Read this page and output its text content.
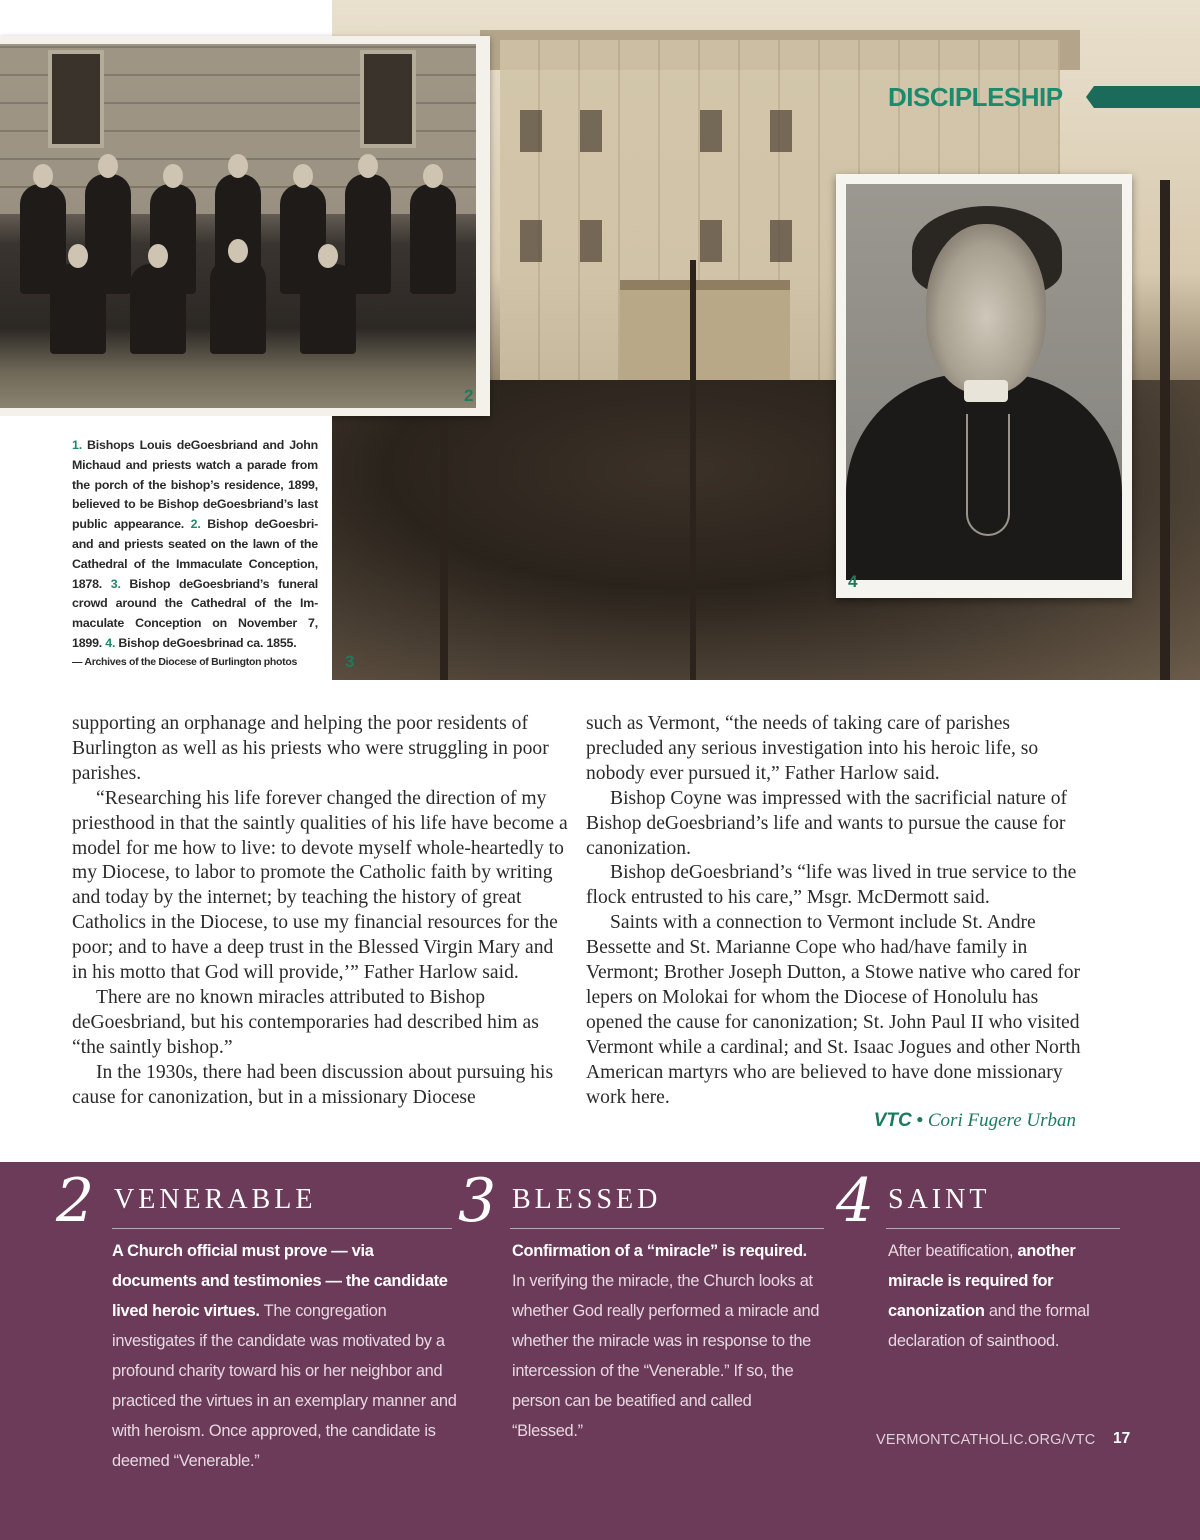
3
2
4
DISCIPLESHIP
1. Bishops Louis deGoesbriand and John Michaud and priests watch a parade from the porch of the bishop’s residence, 1899, believed to be Bishop deGoesbriand’s last public appearance. 2. Bishop deGoesbri-and and priests seated on the lawn of the Cathedral of the Immaculate Conception, 1878. 3. Bishop deGoesbriand’s funeral crowd around the Cathedral of the Im-maculate Conception on November 7, 1899. 4. Bishop deGoesbrinad ca. 1855.
— Archives of the Diocese of Burlington photos

supporting an orphanage and helping the poor residents of Burlington as well as his priests who were struggling in poor parishes.

“Researching his life forever changed the direction of my priesthood in that the saintly qualities of his life have become a model for me how to live: to devote myself whole-heartedly to my Diocese, to labor to promote the Catholic faith by writing and today by the internet; by teaching the history of great Catholics in the Diocese, to use my financial resources for the poor; and to have a deep trust in the Blessed Virgin Mary and in his motto that God will provide,’” Father Harlow said.

There are no known miracles attributed to Bishop deGoesbriand, but his contemporaries had described him as “the saintly bishop.”

In the 1930s, there had been discussion about pursuing his cause for canonization, but in a missionary Diocese

such as Vermont, “the needs of taking care of parishes precluded any serious investigation into his heroic life, so nobody ever pursued it,” Father Harlow said.

Bishop Coyne was impressed with the sacrificial nature of Bishop deGoesbriand’s life and wants to pursue the cause for canonization.

Bishop deGoesbriand’s “life was lived in true service to the flock entrusted to his care,” Msgr. McDermott said.

Saints with a connection to Vermont include St. Andre Bessette and St. Marianne Cope who had/have family in Vermont; Brother Joseph Dutton, a Stowe native who cared for lepers on Molokai for whom the Diocese of Honolulu has opened the cause for canonization; St. John Paul II who visited Vermont while a cardinal; and St. Isaac Jogues and other North American martyrs who are believed to have done missionary work here.

VTC • Cori Fugere Urban
2 VENERABLE
A Church official must prove — via documents and testimonies — the candidate lived heroic virtues. The congregation investigates if the candidate was motivated by a profound charity toward his or her neighbor and practiced the virtues in an exemplary manner and with heroism. Once approved, the candidate is deemed “Venerable.”
3 BLESSED
Confirmation of a “miracle” is required. In verifying the miracle, the Church looks at whether God really performed a miracle and whether the miracle was in response to the intercession of the “Venerable.” If so, the person can be beatified and called “Blessed.”
4 SAINT
After beatification, another miracle is required for canonization and the formal declaration of sainthood.
VERMONTCATHOLIC.ORG/VTC 17
